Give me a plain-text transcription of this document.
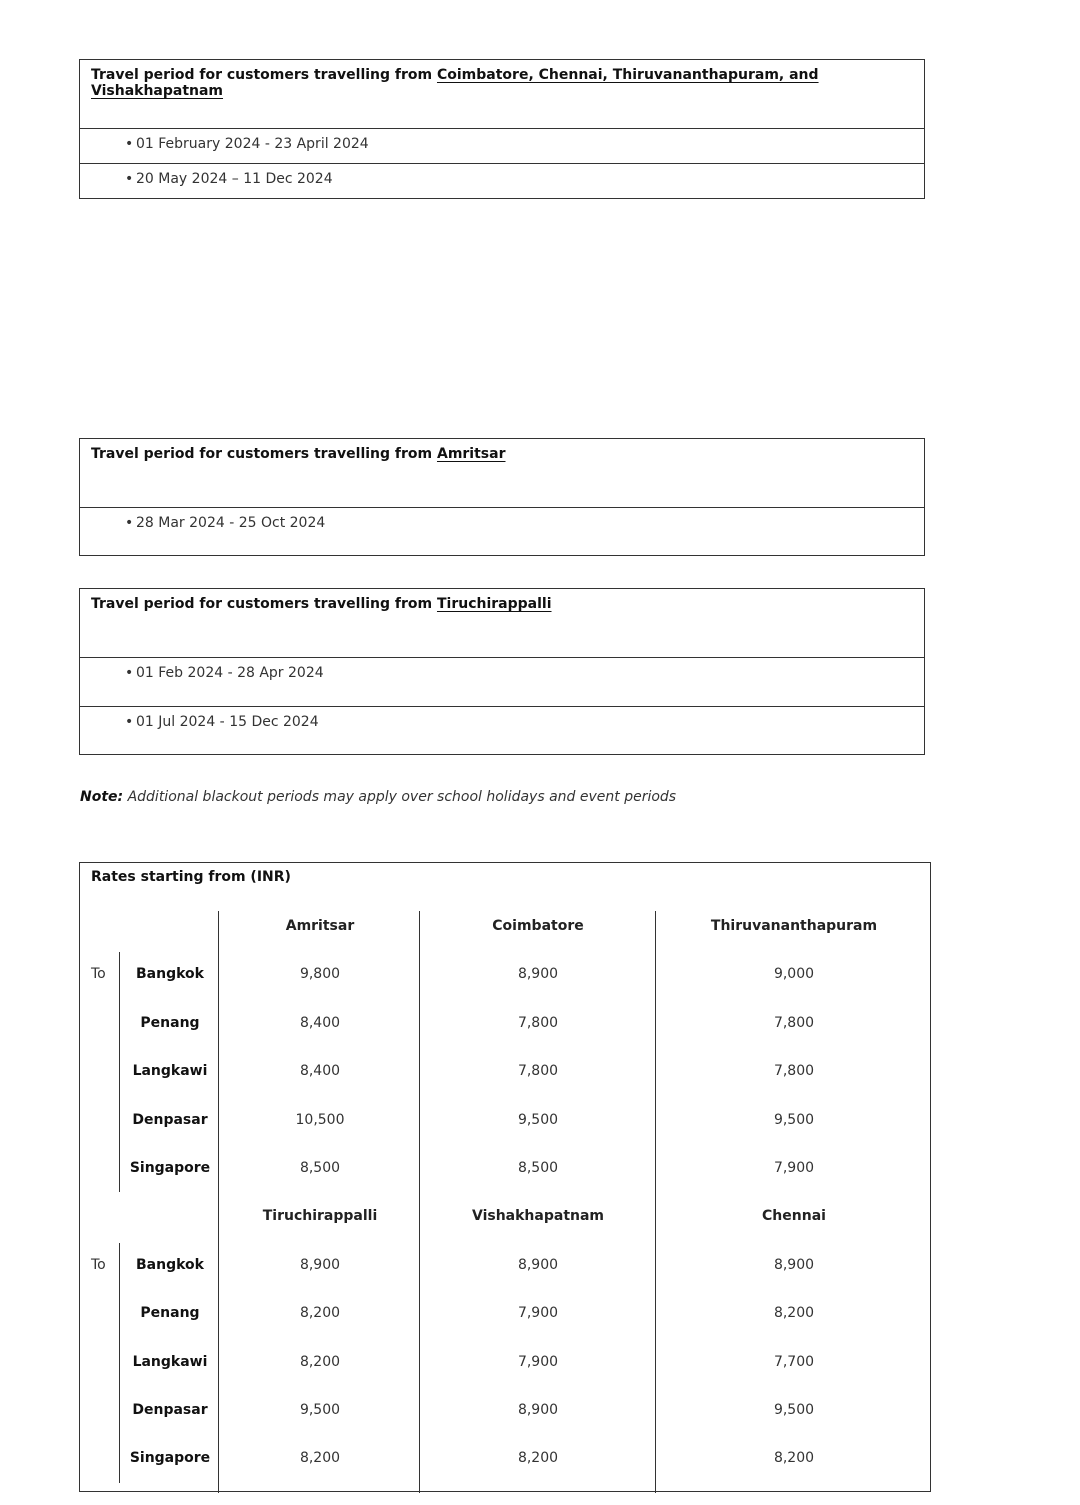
Travel period for customers travelling from Coimbatore, Chennai, Thiruvananthapuram, and Vishakhapatnam
• 01 February 2024 - 23 April 2024
• 20 May 2024 – 11 Dec 2024
Travel period for customers travelling from Amritsar
• 28 Mar 2024 - 25 Oct 2024
Travel period for customers travelling from Tiruchirappalli
• 01 Feb 2024 - 28 Apr 2024
• 01 Jul 2024 - 15 Dec 2024
Note: Additional blackout periods may apply over school holidays and event periods
Rates starting from (INR)
Amritsar	Coimbatore	Thiruvananthapuram
To	Bangkok	9,800	8,900	9,000
Penang	8,400	7,800	7,800
Langkawi	8,400	7,800	7,800
Denpasar	10,500	9,500	9,500
Singapore	8,500	8,500	7,900
Tiruchirappalli	Vishakhapatnam	Chennai
To	Bangkok	8,900	8,900	8,900
Penang	8,200	7,900	8,200
Langkawi	8,200	7,900	7,700
Denpasar	9,500	8,900	9,500
Singapore	8,200	8,200	8,200
